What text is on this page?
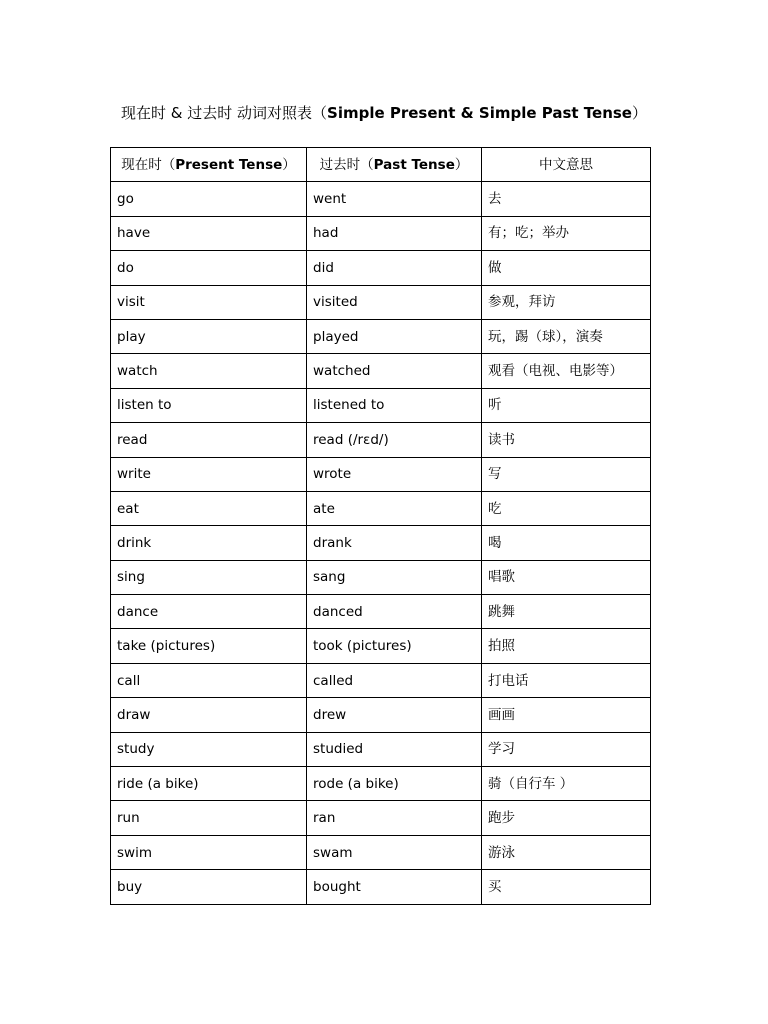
现在时 & 过去时 动词对照表（Simple Present & Simple Past Tense）
现在时（Present Tense）	过去时（Past Tense）	中文意思
go	went	去
have	had	有；吃；举办
do	did	做
visit	visited	参观，拜访
play	played	玩，踢（球），演奏
watch	watched	观看（电视、电影等）
listen to	listened to	听
read	read (/rɛd/)	读书
write	wrote	写
eat	ate	吃
drink	drank	喝
sing	sang	唱歌
dance	danced	跳舞
take (pictures)	took (pictures)	拍照
call	called	打电话
draw	drew	画画
study	studied	学习
ride (a bike)	rode (a bike)	骑（自行车 ）
run	ran	跑步
swim	swam	游泳
buy	bought	买
